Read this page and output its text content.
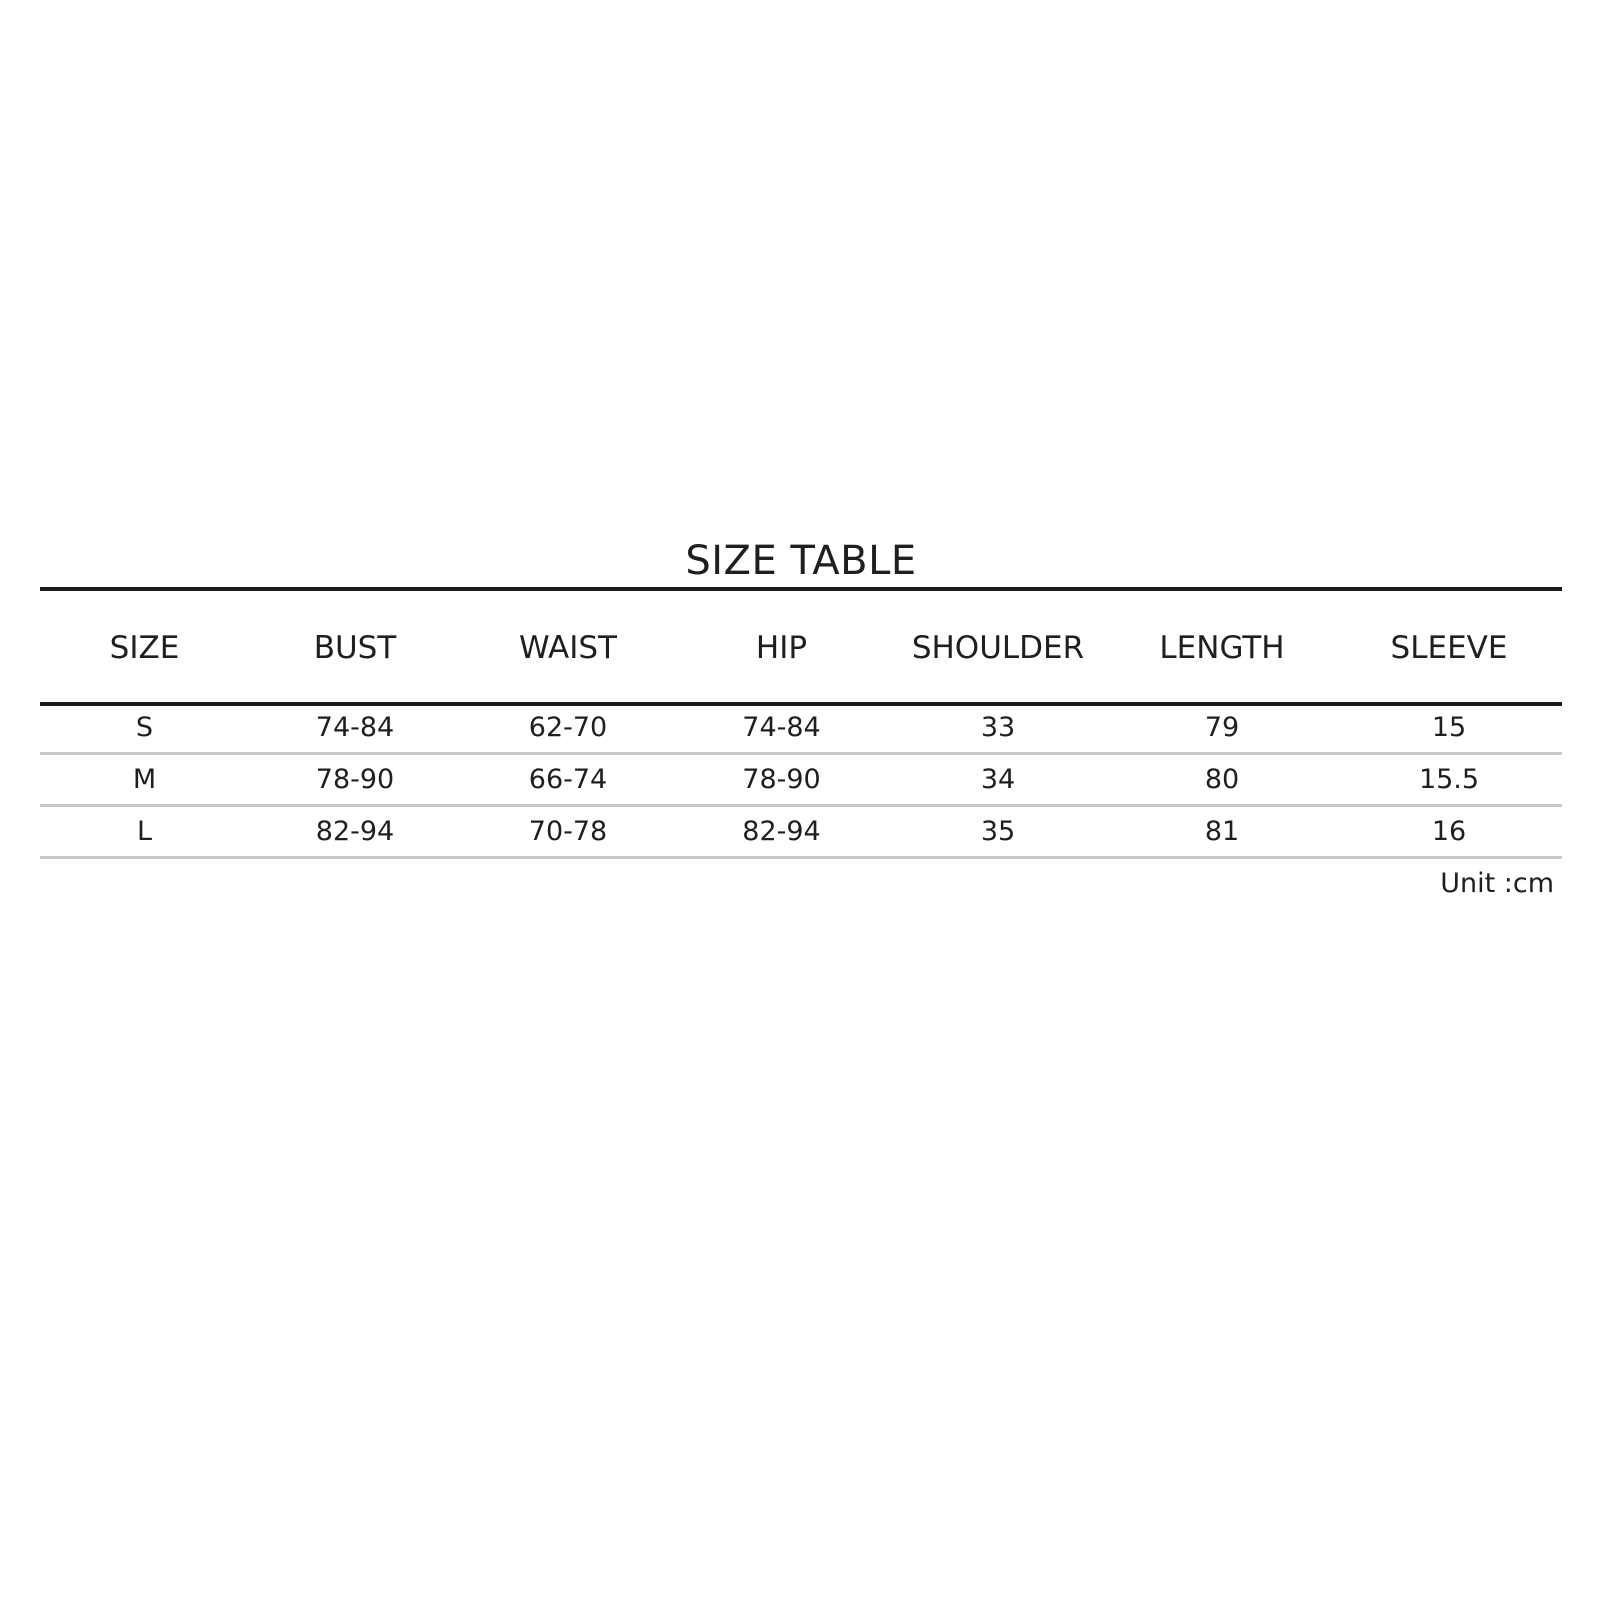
SIZE TABLE
SIZE	BUST	WAIST	HIP	SHOULDER	LENGTH	SLEEVE
S	74-84	62-70	74-84	33	79	15
M	78-90	66-74	78-90	34	80	15.5
L	82-94	70-78	82-94	35	81	16
Unit :cm
